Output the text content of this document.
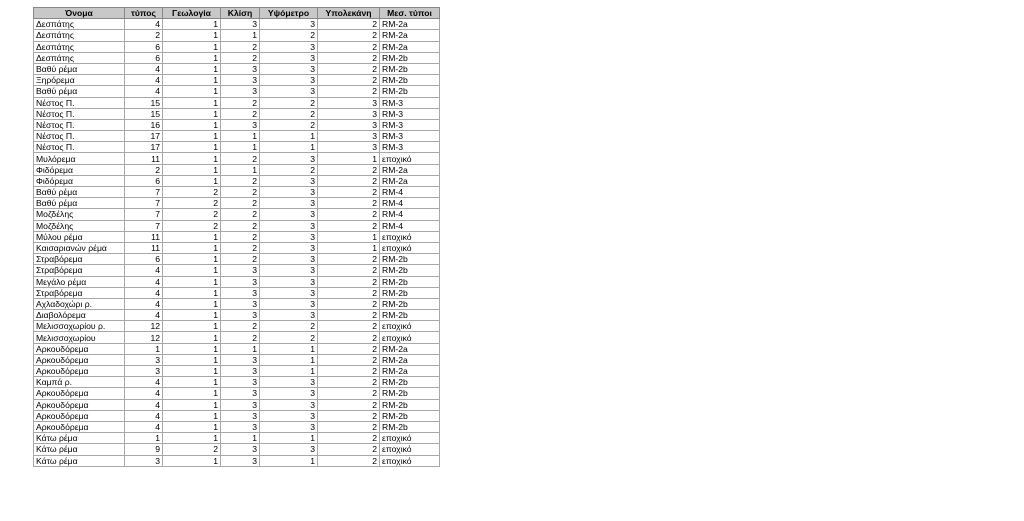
Όνομα	τύπος	Γεωλογία	Κλίση	Υψόμετρο	Υπολεκάνη	Μεσ. τύποι
Δεσπάτης	4	1	3	3	2	RM-2a
Δεσπάτης	2	1	1	2	2	RM-2a
Δεσπάτης	6	1	2	3	2	RM-2a
Δεσπάτης	6	1	2	3	2	RM-2b
Βαθύ ρέμα	4	1	3	3	2	RM-2b
Ξηρόρεμα	4	1	3	3	2	RM-2b
Βαθύ ρέμα	4	1	3	3	2	RM-2b
Νέστος Π.	15	1	2	2	3	RM-3
Νέστος Π.	15	1	2	2	3	RM-3
Νέστος Π.	16	1	3	2	3	RM-3
Νέστος Π.	17	1	1	1	3	RM-3
Νέστος Π.	17	1	1	1	3	RM-3
Μυλόρεμα	11	1	2	3	1	εποχικό
Φιδόρεμα	2	1	1	2	2	RM-2a
Φιδόρεμα	6	1	2	3	2	RM-2a
Βαθύ ρέμα	7	2	2	3	2	RM-4
Βαθύ ρέμα	7	2	2	3	2	RM-4
Μοζδέλης	7	2	2	3	2	RM-4
Μοζδέλης	7	2	2	3	2	RM-4
Μύλου ρέμα	11	1	2	3	1	εποχικό
Καισαριανών ρέμα	11	1	2	3	1	εποχικό
Στραβόρεμα	6	1	2	3	2	RM-2b
Στραβόρεμα	4	1	3	3	2	RM-2b
Μεγάλο ρέμα	4	1	3	3	2	RM-2b
Στραβόρεμα	4	1	3	3	2	RM-2b
Αχλαδοχώρι ρ.	4	1	3	3	2	RM-2b
Διαβολόρεμα	4	1	3	3	2	RM-2b
Μελισσοχωρίου ρ.	12	1	2	2	2	εποχικό
Μελισσοχωρίου	12	1	2	2	2	εποχικό
Αρκουδόρεμα	1	1	1	1	2	RM-2a
Αρκουδόρεμα	3	1	3	1	2	RM-2a
Αρκουδόρεμα	3	1	3	1	2	RM-2a
Καμπά ρ.	4	1	3	3	2	RM-2b
Αρκουδόρεμα	4	1	3	3	2	RM-2b
Αρκουδόρεμα	4	1	3	3	2	RM-2b
Αρκουδόρεμα	4	1	3	3	2	RM-2b
Αρκουδόρεμα	4	1	3	3	2	RM-2b
Κάτω ρέμα	1	1	1	1	2	εποχικό
Κάτω ρέμα	9	2	3	3	2	εποχικό
Κάτω ρέμα	3	1	3	1	2	εποχικό
